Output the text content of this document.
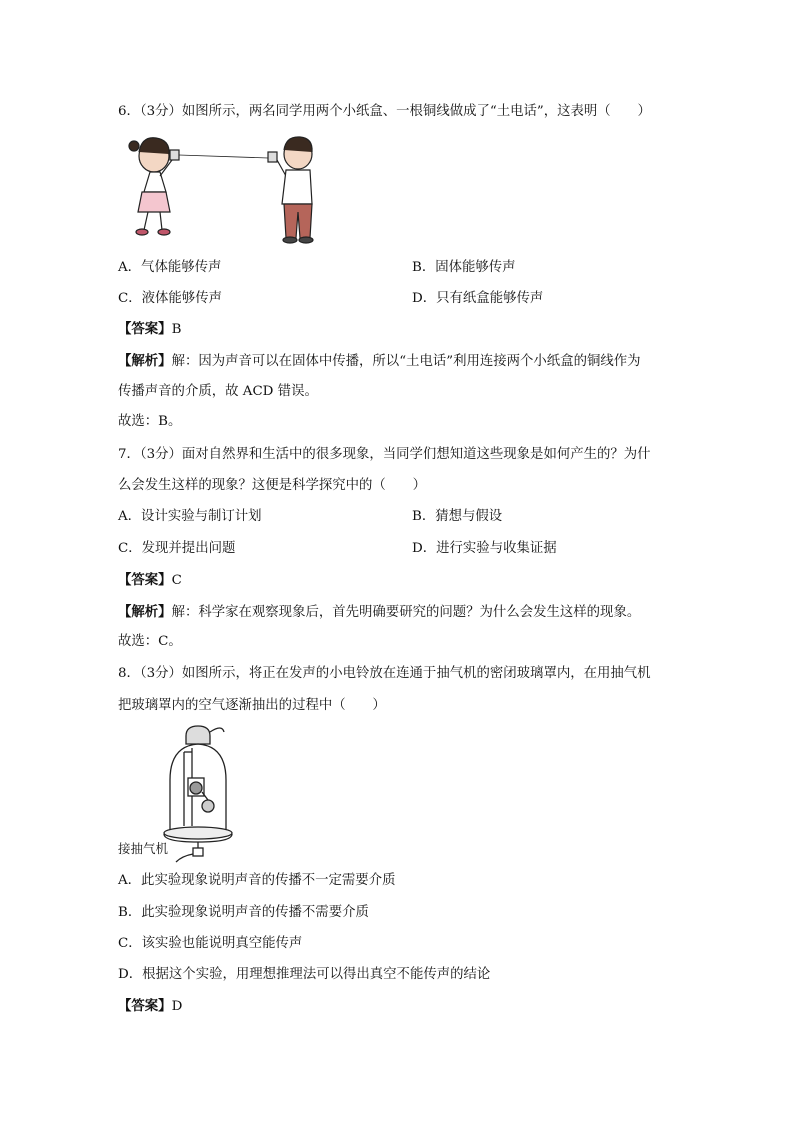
6．（3分）如图所示，两名同学用两个小纸盒、一根铜线做成了“土电话”，这表明（　　）
A．气体能够传声	B．固体能够传声
C．液体能够传声	D．只有纸盒能够传声
【答案】B
【解析】解：因为声音可以在固体中传播，所以“土电话”利用连接两个小纸盒的铜线作为
传播声音的介质，故 ACD 错误。
故选：B。
7．（3分）面对自然界和生活中的很多现象，当同学们想知道这些现象是如何产生的？为什
么会发生这样的现象？这便是科学探究中的（　　）
A．设计实验与制订计划	B．猜想与假设
C．发现并提出问题	D．进行实验与收集证据
【答案】C
【解析】解：科学家在观察现象后，首先明确要研究的问题？为什么会发生这样的现象。
故选：C。
8．（3分）如图所示，将正在发声的小电铃放在连通于抽气机的密闭玻璃罩内，在用抽气机
把玻璃罩内的空气逐渐抽出的过程中（　　）
接抽气机
A．此实验现象说明声音的传播不一定需要介质
B．此实验现象说明声音的传播不需要介质
C．该实验也能说明真空能传声
D．根据这个实验，用理想推理法可以得出真空不能传声的结论
【答案】D
